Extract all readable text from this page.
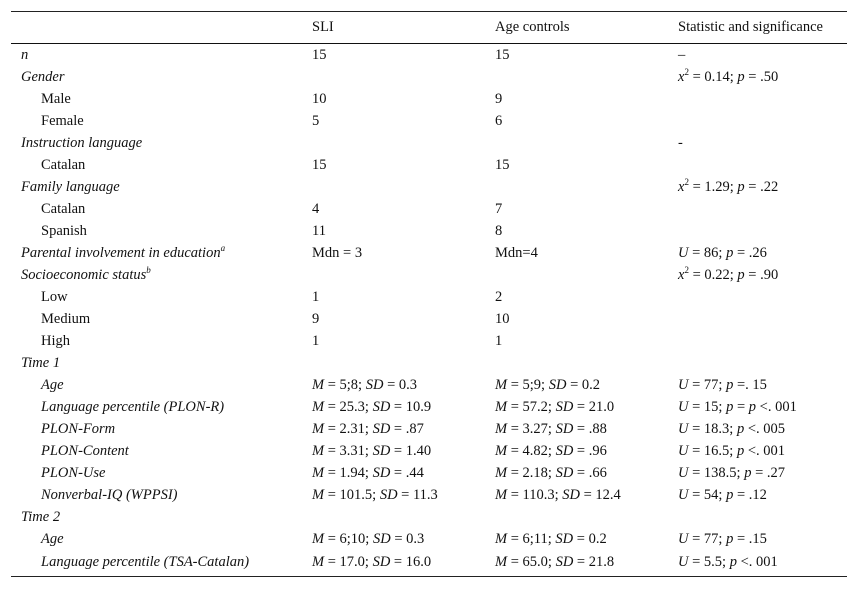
	SLI	Age controls	Statistic and significance
n	15	15	–
Gender			$x^2 = 0.14$; p = .50
Male	10	9	
Female	5	6	
Instruction language			-
Catalan	15	15	
Family language			$x^2 = 1.29$; p = .22
Catalan	4	7	
Spanish	11	8	
Parental involvement in education$^a$	Mdn = 3	Mdn=4	U = 86; p = .26
Socioeconomic status$^b$			$x^2 = 0.22$; p = .90
Low	1	2	
Medium	9	10	
High	1	1	
Time 1			
Age	M = 5;8; SD = 0.3	M = 5;9; SD = 0.2	U = 77; p =. 15
Language percentile (PLON-R)	M = 25.3; SD = 10.9	M = 57.2; SD = 21.0	U = 15; p = p <. 001
PLON-Form	M = 2.31; SD = .87	M = 3.27; SD = .88	U = 18.3; p <. 005
PLON-Content	M = 3.31; SD = 1.40	M = 4.82; SD = .96	U = 16.5; p <. 001
PLON-Use	M = 1.94; SD = .44	M = 2.18; SD = .66	U = 138.5; p = .27
Nonverbal-IQ (WPPSI)	M = 101.5; SD = 11.3	M = 110.3; SD = 12.4	U = 54; p = .12
Time 2			
Age	M = 6;10; SD = 0.3	M = 6;11; SD = 0.2	U = 77; p = .15
Language percentile (TSA-Catalan)	M = 17.0; SD = 16.0	M = 65.0; SD = 21.8	U = 5.5; p <. 001
